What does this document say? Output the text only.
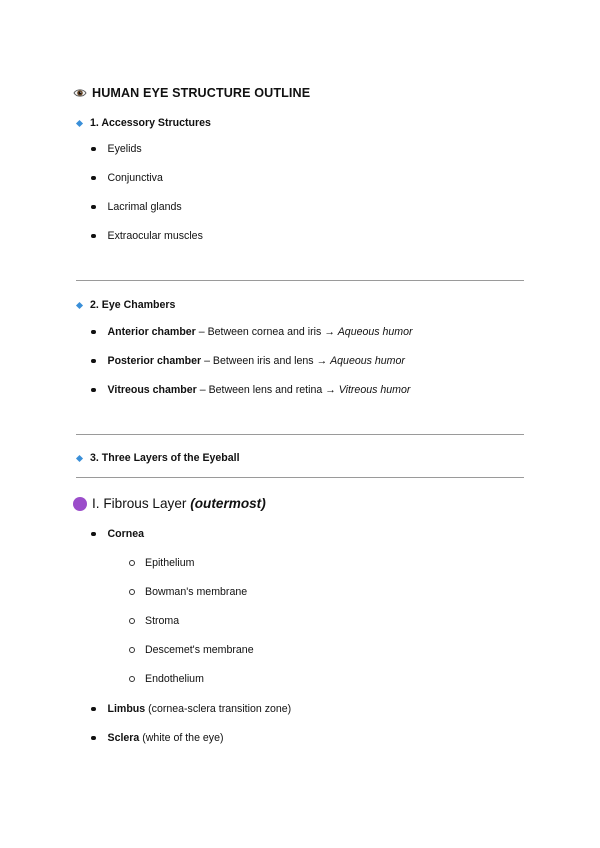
HUMAN EYE STRUCTURE OUTLINE
1. Accessory Structures
Eyelids
Conjunctiva
Lacrimal glands
Extraocular muscles
2. Eye Chambers
Anterior chamber – Between cornea and iris → Aqueous humor
Posterior chamber – Between iris and lens → Aqueous humor
Vitreous chamber – Between lens and retina → Vitreous humor
3. Three Layers of the Eyeball
I. Fibrous Layer (outermost)
Cornea
Epithelium
Bowman's membrane
Stroma
Descemet's membrane
Endothelium
Limbus (cornea-sclera transition zone)
Sclera (white of the eye)
